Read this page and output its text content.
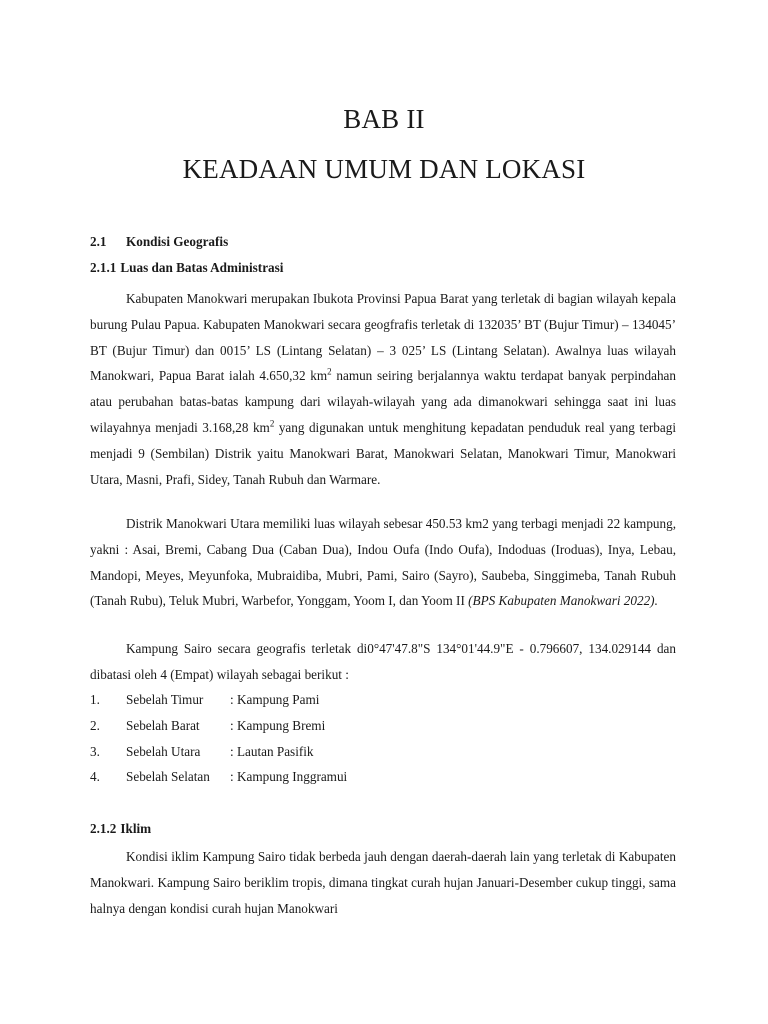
BAB II
KEADAAN UMUM DAN LOKASI
2.1 Kondisi Geografis
2.1.1 Luas dan Batas Administrasi

Kabupaten Manokwari merupakan Ibukota Provinsi Papua Barat yang terletak di bagian wilayah kepala burung Pulau Papua. Kabupaten Manokwari secara geogfrafis terletak di 132035’ BT (Bujur Timur) – 134045’ BT (Bujur Timur) dan 0015’ LS (Lintang Selatan) – 3 025’ LS (Lintang Selatan). Awalnya luas wilayah Manokwari, Papua Barat ialah 4.650,32 $km^2$ namun seiring berjalannya waktu terdapat banyak perpindahan atau perubahan batas-batas kampung dari wilayah-wilayah yang ada dimanokwari sehingga saat ini luas wilayahnya menjadi 3.168,28 $km^2$ yang digunakan untuk menghitung kepadatan penduduk real yang terbagi menjadi 9 (Sembilan) Distrik yaitu Manokwari Barat, Manokwari Selatan, Manokwari Timur, Manokwari Utara, Masni, Prafi, Sidey, Tanah Rubuh dan Warmare.

Distrik Manokwari Utara memiliki luas wilayah sebesar 450.53 km2 yang terbagi menjadi 22 kampung, yakni : Asai, Bremi, Cabang Dua (Caban Dua), Indou Oufa (Indo Oufa), Indoduas (Iroduas), Inya, Lebau, Mandopi, Meyes, Meyunfoka, Mubraidiba, Mubri, Pami, Sairo (Sayro), Saubeba, Singgimeba, Tanah Rubuh (Tanah Rubu), Teluk Mubri, Warbefor, Yonggam, Yoom I, dan Yoom II (BPS Kabupaten Manokwari 2022).

Kampung Sairo secara geografis terletak di0°47'47.8"S 134°01'44.9"E - 0.796607, 134.029144 dan dibatasi oleh 4 (Empat) wilayah sebagai berikut :

1.	Sebelah Timur	: Kampung Pami
2.	Sebelah Barat	: Kampung Bremi
3.	Sebelah Utara	: Lautan Pasifik
4.	Sebelah Selatan	: Kampung Inggramui
2.1.2 Iklim

Kondisi iklim Kampung Sairo tidak berbeda jauh dengan daerah-daerah lain yang terletak di Kabupaten Manokwari. Kampung Sairo beriklim tropis, dimana tingkat curah hujan Januari-Desember cukup tinggi, sama halnya dengan kondisi curah hujan Manokwari
